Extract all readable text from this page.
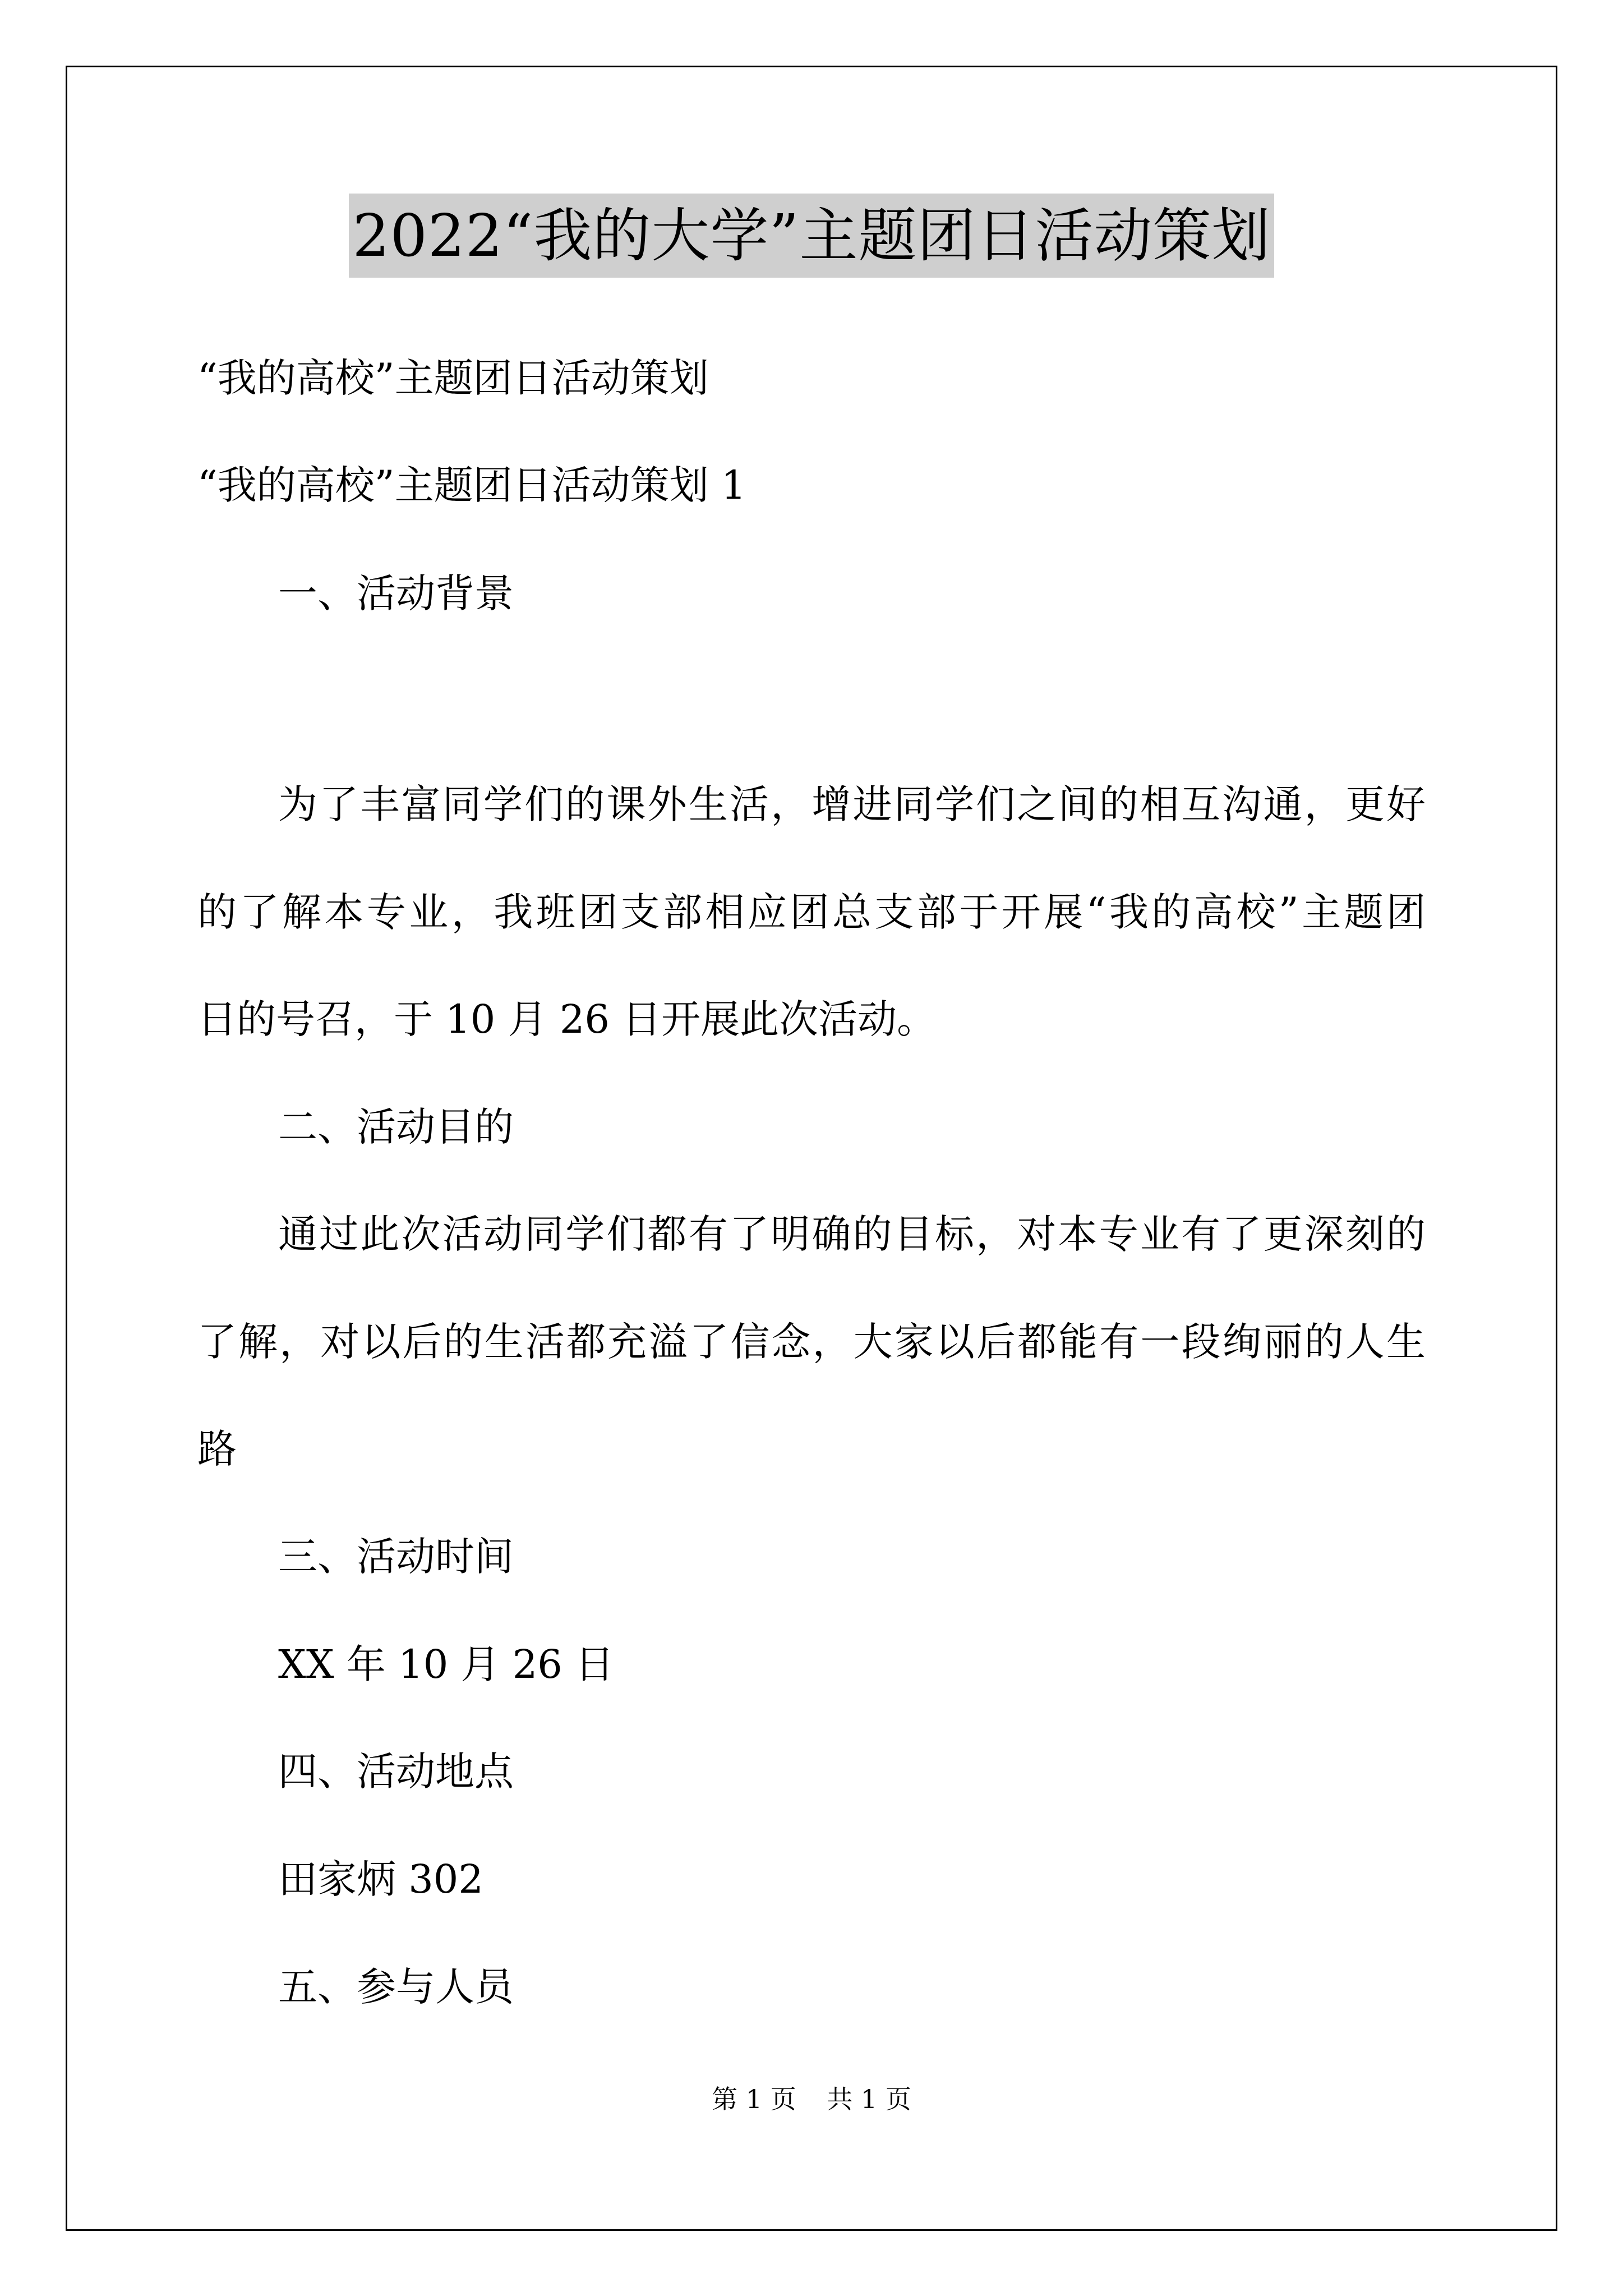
2022“我的大学”主题团日活动策划
“我的高校”主题团日活动策划
“我的高校”主题团日活动策划 1
一、活动背景
为了丰富同学们的课外生活，增进同学们之间的相互沟通，更好
的了解本专业，我班团支部相应团总支部于开展“我的高校”主题团
日的号召，于 10 月 26 日开展此次活动。
二、活动目的
通过此次活动同学们都有了明确的目标，对本专业有了更深刻的
了解，对以后的生活都充溢了信念，大家以后都能有一段绚丽的人生
路
三、活动时间
XX 年 10 月 26 日
四、活动地点
田家炳 302
五、参与人员
第 1 页 共 1 页
